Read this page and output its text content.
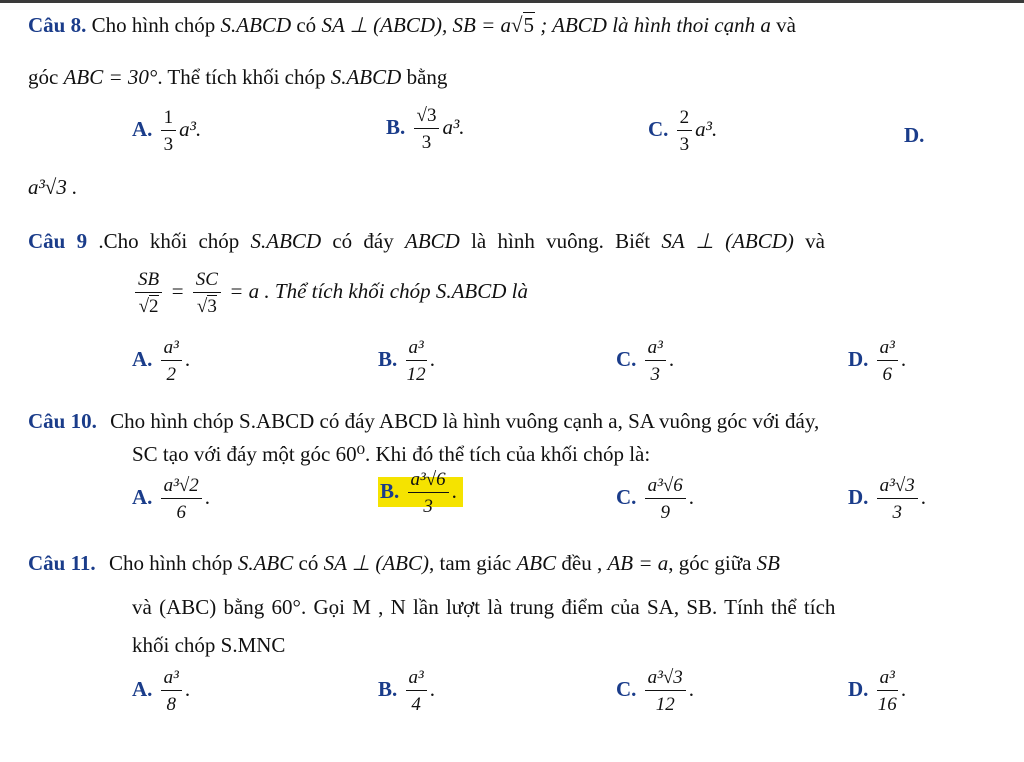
Câu 8. Cho hình chóp S.ABCD có SA ⊥ (ABCD), SB = a√5 ; ABCD là hình thoi cạnh a và
góc ABC = 30°. Thể tích khối chóp S.ABCD bằng
A. $\frac{1}{3} a^3$.	B. $\frac{√3}{3} a^3$.	C. $\frac{2}{3} a^3$.	D.
a³√3 .
Câu 9 .Cho khối chóp S.ABCD có đáy ABCD là hình vuông. Biết SA ⊥ (ABCD) và
$\frac{SB}{√2} = \frac{SC}{√3} = a$ . Thể tích khối chóp S.ABCD là
A. $\frac{\text{a³}}{2}$ .	B. $\frac{\text{a³}}{12}$ .	C. $\frac{\text{a³}}{3}$ .	D. $\frac{\text{a³}}{6}$ .
Câu 10. Cho hình chóp S.ABCD có đáy ABCD là hình vuông cạnh a, SA vuông góc với đáy,
SC tạo với đáy một góc 60⁰. Khi đó thể tích của khối chóp là:
A. $\frac{\text{a³√2}}{6}$ .	B. $\frac{\text{a³√6}}{3}$ .	C. $\frac{\text{a³√6}}{9}$ .	D. $\frac{\text{a³√3}}{3}$ .
Câu 11. Cho hình chóp S.ABC có SA ⊥ (ABC), tam giác ABC đều , AB = a, góc giữa SB
và (ABC) bằng 60°. Gọi M , N lần lượt là trung điểm của SA, SB. Tính thể tích
khối chóp S.MNC
A. $\frac{\text{a³}}{8}$ .	B. $\frac{\text{a³}}{4}$ .	C. $\frac{\text{a³√3}}{12}$ .	D. $\frac{\text{a³}}{16}$ .
